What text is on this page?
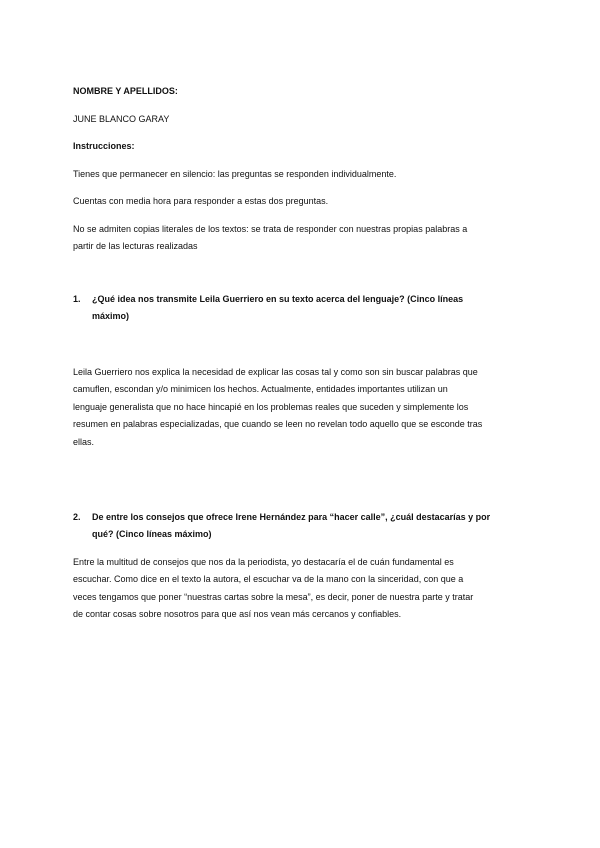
NOMBRE Y APELLIDOS:
JUNE BLANCO GARAY
Instrucciones:
Tienes que permanecer en silencio: las preguntas se responden individualmente.
Cuentas con media hora para responder a estas dos preguntas.
No se admiten copias literales de los textos: se trata de responder con nuestras propias palabras a
partir de las lecturas realizadas
1. ¿Qué idea nos transmite Leila Guerriero en su texto acerca del lenguaje? (Cinco líneas
máximo)
Leila Guerriero nos explica la necesidad de explicar las cosas tal y como son sin buscar palabras que
camuflen, escondan y/o minimicen los hechos. Actualmente, entidades importantes utilizan un
lenguaje generalista que no hace hincapié en los problemas reales que suceden y simplemente los
resumen en palabras especializadas, que cuando se leen no revelan todo aquello que se esconde tras
ellas.
2. De entre los consejos que ofrece Irene Hernández para “hacer calle”, ¿cuál destacarías y por
qué? (Cinco líneas máximo)
Entre la multitud de consejos que nos da la periodista, yo destacaría el de cuán fundamental es
escuchar. Como dice en el texto la autora, el escuchar va de la mano con la sinceridad, con que a
veces tengamos que poner “nuestras cartas sobre la mesa”, es decir, poner de nuestra parte y tratar
de contar cosas sobre nosotros para que así nos vean más cercanos y confiables.
